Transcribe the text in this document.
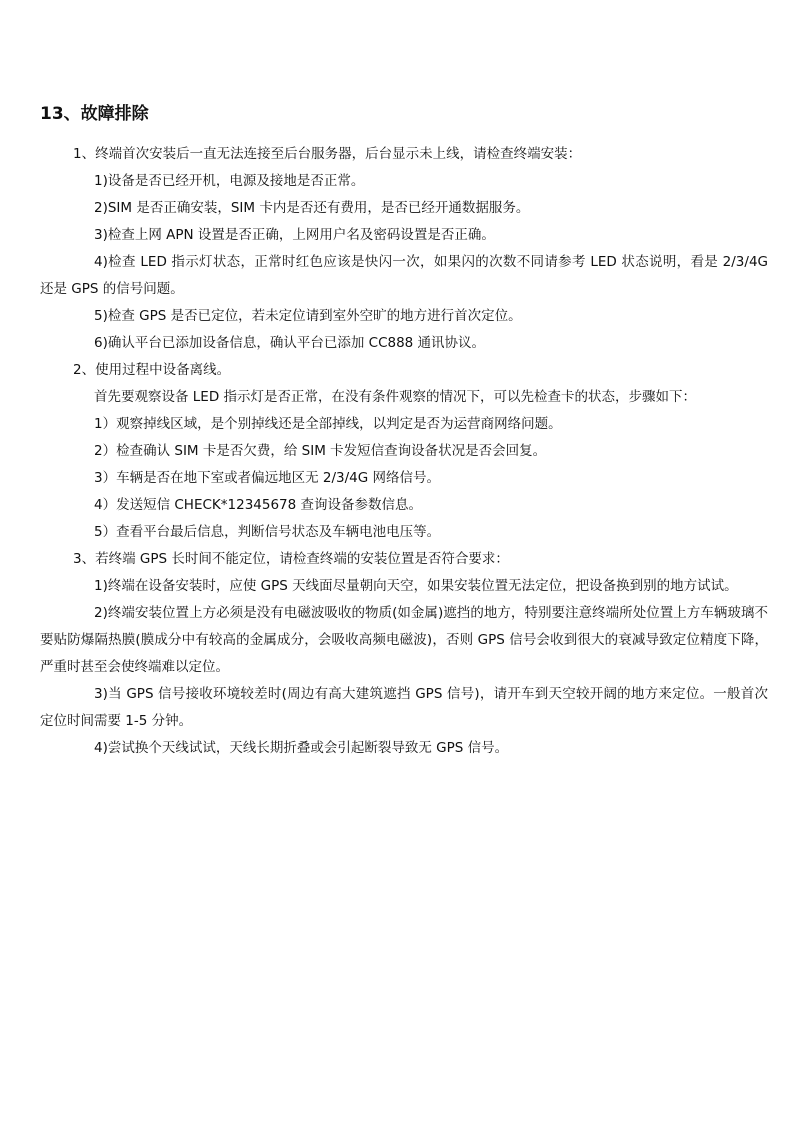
13、故障排除

1、终端首次安装后一直无法连接至后台服务器，后台显示未上线，请检查终端安装：

1)设备是否已经开机，电源及接地是否正常。

2)SIM 是否正确安装，SIM 卡内是否还有费用，是否已经开通数据服务。

3)检查上网 APN 设置是否正确，上网用户名及密码设置是否正确。

4)检查 LED 指示灯状态，正常时红色应该是快闪一次，如果闪的次数不同请参考 LED 状态说明，看是 2/3/4G 还是 GPS 的信号问题。

5)检查 GPS 是否已定位，若未定位请到室外空旷的地方进行首次定位。

6)确认平台已添加设备信息，确认平台已添加 CC888 通讯协议。

2、使用过程中设备离线。

首先要观察设备 LED 指示灯是否正常，在没有条件观察的情况下，可以先检查卡的状态，步骤如下：

1）观察掉线区域，是个别掉线还是全部掉线，以判定是否为运营商网络问题。

2）检查确认 SIM 卡是否欠费，给 SIM 卡发短信查询设备状况是否会回复。

3）车辆是否在地下室或者偏远地区无 2/3/4G 网络信号。

4）发送短信 CHECK*12345678 查询设备参数信息。

5）查看平台最后信息，判断信号状态及车辆电池电压等。

3、若终端 GPS 长时间不能定位，请检查终端的安装位置是否符合要求：

1)终端在设备安装时，应使 GPS 天线面尽量朝向天空，如果安装位置无法定位，把设备换到别的地方试试。

2)终端安装位置上方必须是没有电磁波吸收的物质(如金属)遮挡的地方，特别要注意终端所处位置上方车辆玻璃不要贴防爆隔热膜(膜成分中有较高的金属成分，会吸收高频电磁波)，否则 GPS 信号会收到很大的衰减导致定位精度下降，严重时甚至会使终端难以定位。

3)当 GPS 信号接收环境较差时(周边有高大建筑遮挡 GPS 信号)，请开车到天空较开阔的地方来定位。一般首次定位时间需要 1-5 分钟。

4)尝试换个天线试试，天线长期折叠或会引起断裂导致无 GPS 信号。
